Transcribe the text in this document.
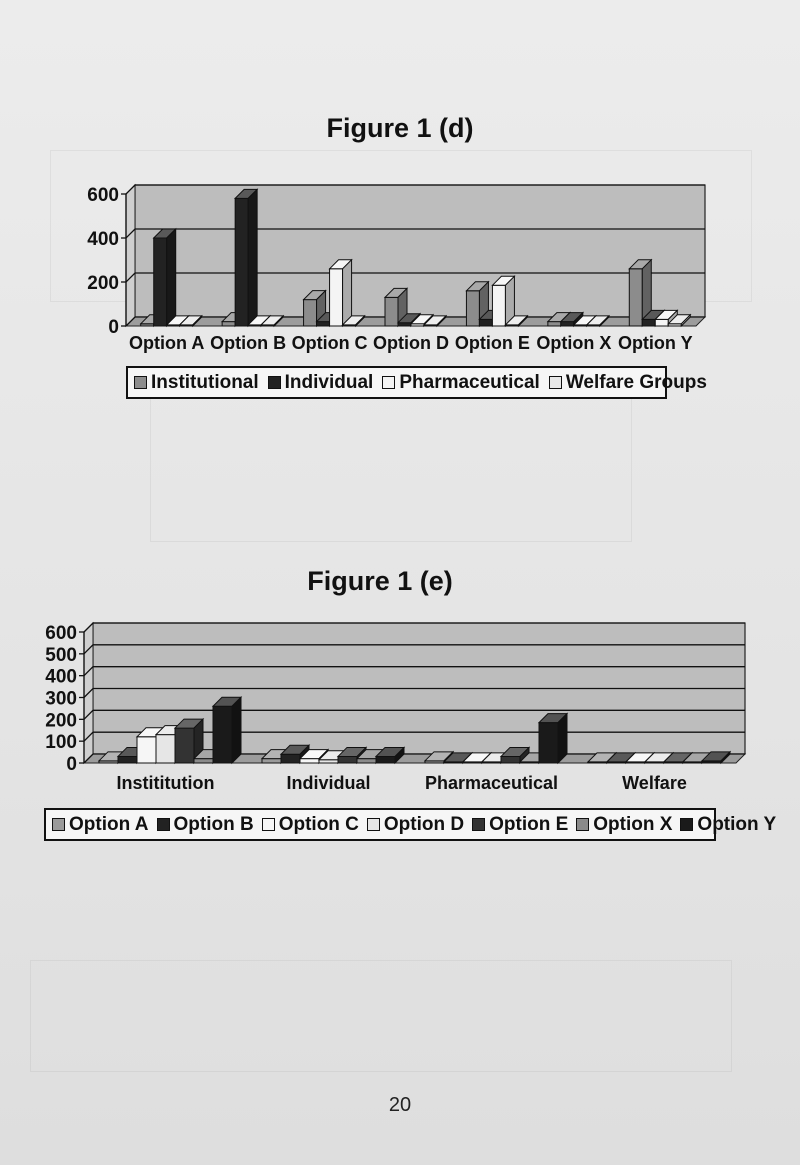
Figure 1 (d)
0
200
400
600
Option A Option B Option C Option D Option E Option X Option Y
Institutional Individual Pharmaceutical Welfare Groups
Figure 1 (e)
0
100
200
300
400
500
600
Instititution	Individual	Pharmaceutical	Welfare
Option A Option B Option C Option D Option E Option X Option Y
20
